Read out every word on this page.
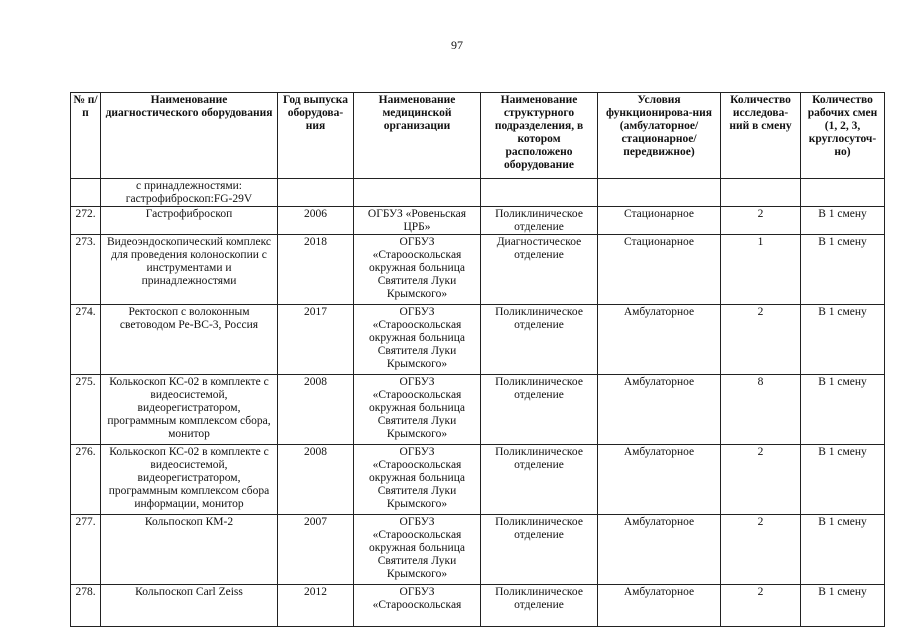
97
№ п/п	Наименование диагностического оборудования	Год выпуска оборудова-ния	Наименование медицинской организации	Наименование структурного подразделения, в котором расположено оборудование	Условия функционирова-ния (амбулаторное/ стационарное/ передвижное)	Количество исследова-ний в смену	Количество рабочих смен (1, 2, 3, круглосуточ-но)
	с принадлежностями: гастрофиброскоп:FG-29V						
272.	Гастрофиброскоп	2006	ОГБУЗ «Ровеньская ЦРБ»	Поликлиническое отделение	Стационарное	2	В 1 смену
273.	Видеоэндоскопический комплекс для проведения колоноскопии с инструментами и принадлежностями	2018	ОГБУЗ «Старооскольская окружная больница Святителя Луки Крымского»	Диагностическое отделение	Стационарное	1	В 1 смену
274.	Ректоскоп с волоконным световодом Ре-ВС-3, Россия	2017	ОГБУЗ «Старооскольская окружная больница Святителя Луки Крымского»	Поликлиническое отделение	Амбулаторное	2	В 1 смену
275.	Колькоскоп КС-02 в комплекте с видеосистемой, видеорегистратором, программным комплексом сбора, монитор	2008	ОГБУЗ «Старооскольская окружная больница Святителя Луки Крымского»	Поликлиническое отделение	Амбулаторное	8	В 1 смену
276.	Колькоскоп КС-02 в комплекте с видеосистемой, видеорегистратором, программным комплексом сбора информации, монитор	2008	ОГБУЗ «Старооскольская окружная больница Святителя Луки Крымского»	Поликлиническое отделение	Амбулаторное	2	В 1 смену
277.	Кольпоскоп КМ-2	2007	ОГБУЗ «Старооскольская окружная больница Святителя Луки Крымского»	Поликлиническое отделение	Амбулаторное	2	В 1 смену
278.	Кольпоскоп Carl Zeiss	2012	ОГБУЗ «Старооскольская	Поликлиническое отделение	Амбулаторное	2	В 1 смену
